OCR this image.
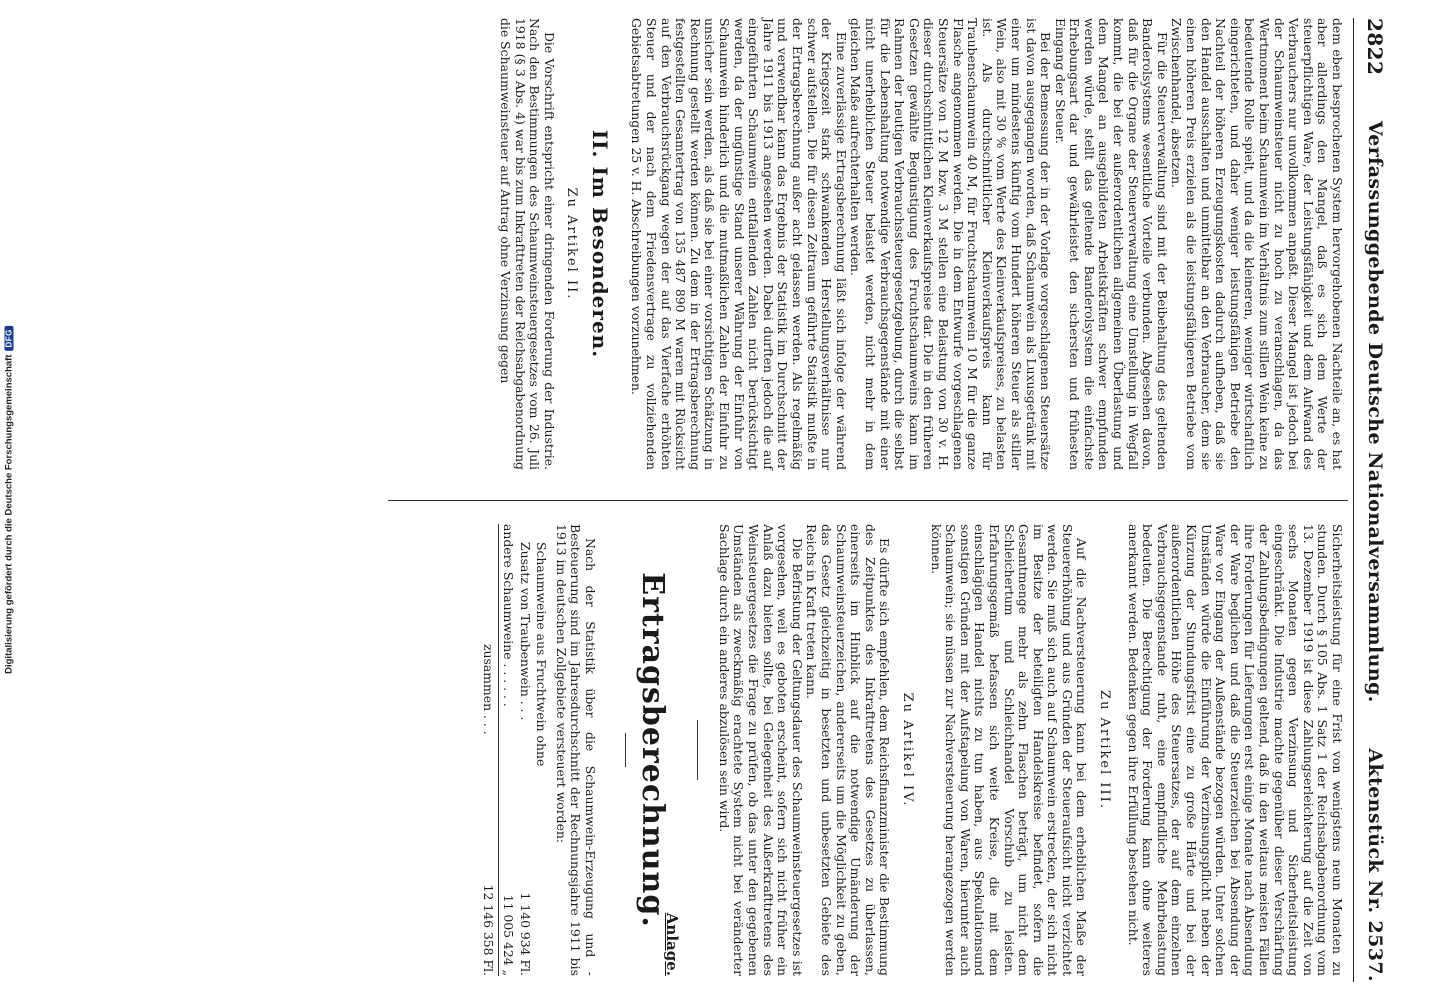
Digitalisierung gefördert durch die Deutsche Forschungsgemeinschaft
DFG
2822
Verfassunggebende Deutsche Nationalversammlung.
Aktenstück Nr. 2537.

dem eben besprochenen System hervorgehobenen Nachteile an, es hat aber allerdings den Mangel, daß es sich dem Werte der steuerpflichtigen Ware, der Leistungsfähigkeit und dem Aufwand des Verbrauchers nur unvollkommen anpaßt. Dieser Mangel ist jedoch bei der Schaumweinsteuer nicht zu hoch zu veranschlagen, da das Wertmoment beim Schaumwein im Verhältnis zum stillen Wein keine zu bedeutende Rolle spielt, und da die kleineren, weniger wirtschaftlich eingerichteten, und daher weniger leistungsfähigen Betriebe den Nachteil der höheren Erzeugungskosten dadurch aufheben, daß sie den Handel ausschalten und unmittelbar an den Verbraucher, dem sie einen höheren Preis erzielen als die leistungsfähigeren Betriebe vom Zwischenhandel, absetzen.

Für die Steuerverwaltung sind mit der Beibehaltung des geltenden Banderolsystems wesentliche Vorteile verbunden. Abgesehen davon, daß für die Organe der Steuerverwaltung eine Umstellung in Wegfall kommt, die bei der außerordentlichen allgemeinen Überlastung und dem Mangel an ausgebildeten Arbeitskräften schwer empfunden werden würde, stellt das geltende Banderolsystem die einfachste Erhebungsart dar und gewährleistet den sichersten und frühesten Eingang der Steuer.

Bei der Bemessung der in der Vorlage vorgeschlagenen Steuersätze ist davon ausgegangen worden, daß Schaumwein als Luxusgetränk mit einer um mindestens künftig vom Hundert höheren Steuer als stiller Wein, also mit 30 % vom Werte des Kleinverkaufspreises, zu belasten ist. Als durchschnittlicher Kleinverkaufspreis kann für Traubenschaumwein 40 M, für Fruchtschaumwein 10 M für die ganze Flasche angenommen werden. Die in dem Entwurfe vorgeschlagenen Steuersätze von 12 M bzw. 3 M stellen eine Belastung von 30 v. H. dieser durchschnittlichen Kleinverkaufspreise dar. Die in den früheren Gesetzen gewählte Begünstigung des Fruchtschaumweins kann im Rahmen der heutigen Verbrauchssteuergesetzgebung, durch die selbst für die Lebenshaltung notwendige Verbrauchsgegenstände mit einer nicht unerheblichen Steuer belastet werden, nicht mehr in dem gleichen Maße aufrechterhalten werden.

Eine zuverlässige Ertragsberechnung läßt sich infolge der während der Kriegszeit stark schwankenden Herstellungsverhältnisse nur schwer aufstellen. Die für diesen Zeitraum geführte Statistik mußte in der Ertragsberechnung außer acht gelassen werden. Als regelmäßig und verwendbar kann das Ergebnis der Statistik im Durchschnitt der Jahre 1911 bis 1913 angesehen werden. Dabei durften jedoch die auf eingeführten Schaumwein entfallenden Zahlen nicht berücksichtigt werden, da der ungünstige Stand unserer Währung der Einfuhr von Schaumwein hinderlich und die mutmaßlichen Zahlen der Einfuhr zu unsicher sein werden, als daß sie bei einer vorsichtigen Schätzung in Rechnung gestellt werden können. Zu dem in der Ertragsberechnung festgestellten Gesamtertrag von 135 487 890 M waren mit Rücksicht auf den Verbrauchsrückgang wegen der auf das Vierfache erhöhten Steuer und der nach dem Friedensvertrage zu vollziehenden Gebietsabtretungen 25 v. H. Abschreibungen vorzunehmen.

II. Im Besonderen.
Zu Artikel II.

Die Vorschrift entspricht einer dringenden Forderung der Industrie. Nach den Bestimmungen des Schaumweinsteuergesetzes vom 26. Juli 1918 (§ 3 Abs. 4) war bis zum Inkrafttreten der Reichsabgabenordnung die Schaumweinsteuer auf Antrag ohne Verzinsung gegen

Sicherheitsleistung für eine Frist von wenigstens neun Monaten zu stunden. Durch § 105 Abs. 1 Satz 1 der Reichsabgabenordnung vom 13. Dezember 1919 ist diese Zahlungserleichterung auf die Zeit von sechs Monaten gegen Verzinsung und Sicherheitsleistung eingeschränkt. Die Industrie machte gegenüber dieser Verschärfung der Zahlungsbedingungen geltend, daß in den weitaus meisten Fällen ihre Forderungen für Lieferungen erst einige Monate nach Absendung der Ware beglichen und daß die Steuerzeichen bei Absendung der Ware vor Eingang der Außenstände bezogen würden. Unter solchen Umständen würde die Einführung der Verzinsungspflicht neben der Kürzung der Stundungsfrist eine zu große Härte und bei der außerordentlichen Höhe des Steuersatzes, der auf dem einzelnen Verbrauchsgegenstande ruht, eine empfindliche Mehrbelastung bedeuten. Die Berechtigung der Forderung kann ohne weiteres anerkannt werden. Bedenken gegen ihre Erfüllung bestehen nicht.

Zu Artikel III.

Auf die Nachversteuerung kann bei dem erheblichen Maße der Steuererhöhung und aus Gründen der Steueraufsicht nicht verzichtet werden. Sie muß sich auch auf Schaumwein erstrecken, der sich nicht im Besitze der beteiligten Handelskreise befindet, sofern die Gesamtmenge mehr als zehn Flaschen beträgt, um nicht dem Schleichertum und Schleichhandel Vorschub zu leisten. Erfahrungsgemäß befassen sich weite Kreise, die mit dem einschlägigen Handel nichts zu tun haben, aus Spekulationsund sonstigen Gründen mit der Aufstapelung von Waren, hierunter auch Schaumwein; sie müssen zur Nachversteuerung herangezogen werden können.

Zu Artikel IV.

Es dürfte sich empfehlen, dem Reichsfinanzminister die Bestimmung des Zeitpunktes des Inkrafttretens des Gesetzes zu überlassen, einerseits im Hinblick auf die notwendige Umänderung der Schaumweinsteuerzeichen, andererseits um die Möglichkeit zu geben, das Gesetz gleichzeitig in besetzten und unbesetzten Gebiete des Reichs in Kraft treten kann.

Die Befristung der Geltungsdauer des Schaumweinsteuergesetzes ist vorgesehen, weil es geboten erscheint, sofern sich nicht früher ein Anlaß dazu bieten sollte, bei Gelegenheit des Außerkrafttretens des Weinsteuergesetzes die Frage zu prüfen, ob das unter den gegebenen Umständen als zweckmäßig erachtete System nicht bei veränderter Sachlage durch ein anderes abzulösen sein wird.

Anlage.
Ertragsberechnung.

Nach der Statistik über die Schaumwein-Erzeugung und -Besteuerung sind im Jahresdurchschnitt der Rechnungsjahre 1911 bis 1913 im deutschen Zollgebiete versteuert worden:

Schaumweine aus Fruchtwein ohne	
Zusatz von Traubenwein . . .	1 140 934 Fl.
andere Schaumweine . . . . . .	11 005 424 „
zusammen . . .	12 146 358 Fl.
